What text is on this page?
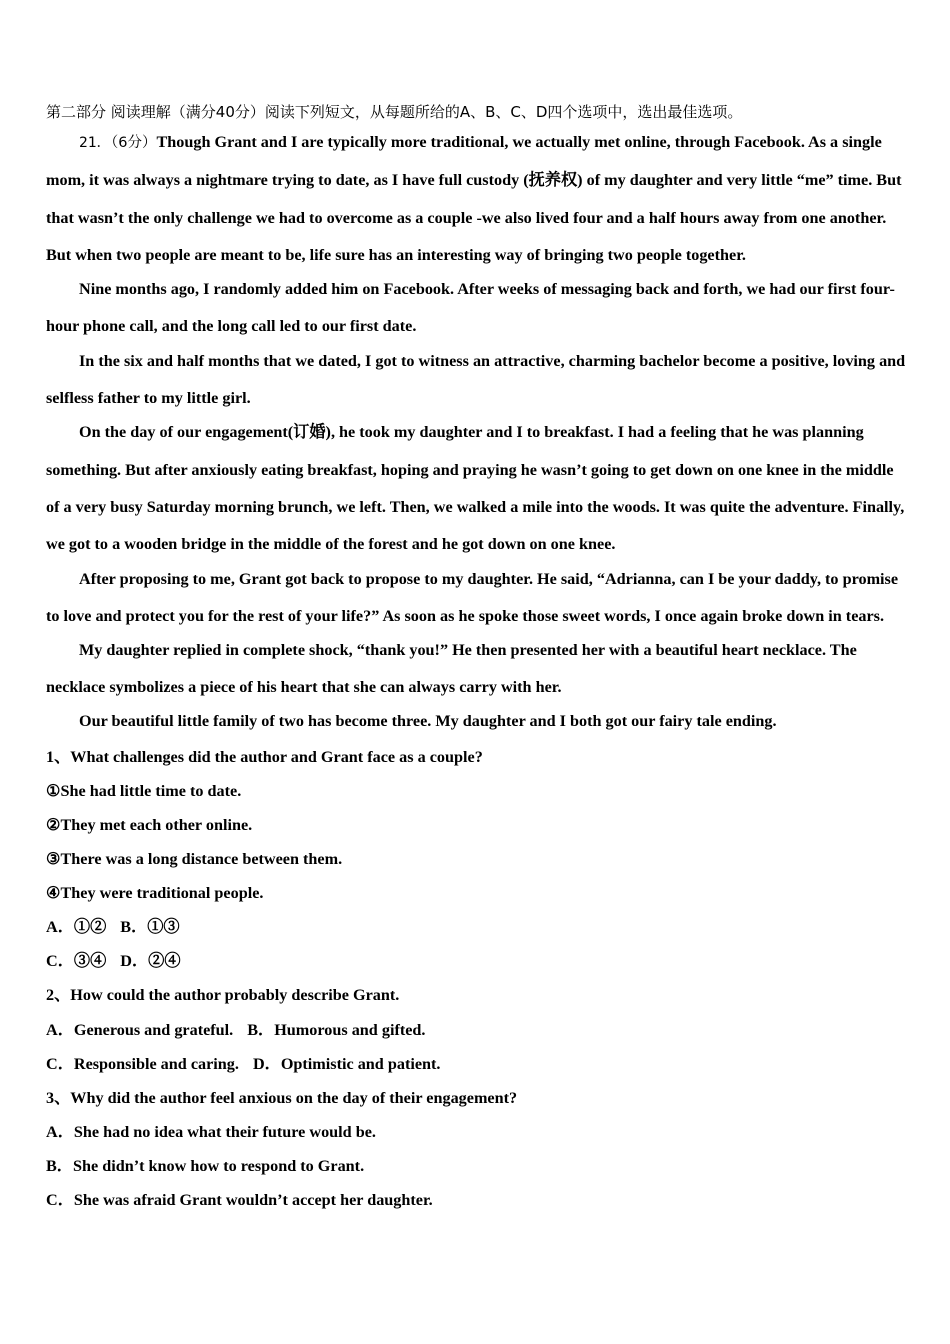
第二部分 阅读理解（满分40分）阅读下列短文，从每题所给的A、B、C、D四个选项中，选出最佳选项。

21．（6分）Though Grant and I are typically more traditional, we actually met online, through Facebook. As a single mom, it was always a nightmare trying to date, as I have full custody (抚养权) of my daughter and very little “me” time. But that wasn’t the only challenge we had to overcome as a couple -we also lived four and a half hours away from one another. But when two people are meant to be, life sure has an interesting way of bringing two people together.

Nine months ago, I randomly added him on Facebook. After weeks of messaging back and forth, we had our first four-hour phone call, and the long call led to our first date.

In the six and half months that we dated, I got to witness an attractive, charming bachelor become a positive, loving and selfless father to my little girl.

On the day of our engagement(订婚), he took my daughter and I to breakfast. I had a feeling that he was planning something. But after anxiously eating breakfast, hoping and praying he wasn’t going to get down on one knee in the middle of a very busy Saturday morning brunch, we left. Then, we walked a mile into the woods. It was quite the adventure. Finally, we got to a wooden bridge in the middle of the forest and he got down on one knee.

After proposing to me, Grant got back to propose to my daughter. He said, “Adrianna, can I be your daddy, to promise to love and protect you for the rest of your life?” As soon as he spoke those sweet words, I once again broke down in tears.

My daughter replied in complete shock, “thank you!” He then presented her with a beautiful heart necklace. The necklace symbolizes a piece of his heart that she can always carry with her.

Our beautiful little family of two has become three. My daughter and I both got our fairy tale ending.

1、What challenges did the author and Grant face as a couple?

①She had little time to date.

②They met each other online.

③There was a long distance between them.

④They were traditional people.

A．①② B．①③

C．③④ D．②④

2、How could the author probably describe Grant.

A．Generous and grateful. B．Humorous and gifted.

C．Responsible and caring. D．Optimistic and patient.

3、Why did the author feel anxious on the day of their engagement?

A．She had no idea what their future would be.

B．She didn’t know how to respond to Grant.

C．She was afraid Grant wouldn’t accept her daughter.
